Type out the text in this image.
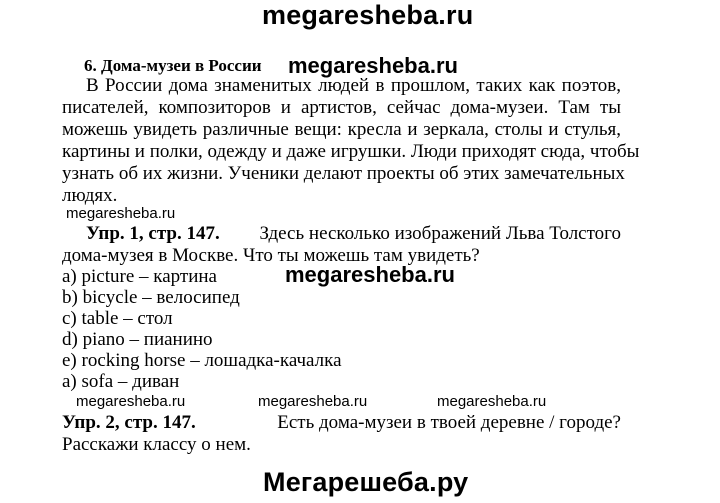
megaresheba.ru
6. Дома-музеи в России megaresheba.ru
В России дома знаменитых людей в прошлом, таких как поэтов,
писателей, композиторов и артистов, сейчас дома-музеи. Там ты
можешь увидеть различные вещи: кресла и зеркала, столы и стулья,
картины и полки, одежду и даже игрушки. Люди приходят сюда, чтобы
узнать об их жизни. Ученики делают проекты об этих замечательных
людях.
megaresheba.ru
Упр. 1, стр. 147. Здесь несколько изображений Льва Толстого
дома-музея в Москве. Что ты можешь там увидеть?
a) picture – картина
b) bicycle – велосипед
c) table – стол
d) piano – пианино
e) rocking horse – лошадка-качалка
a) sofa – диван
megaresheba.ru
megaresheba.ru	megaresheba.ru	megaresheba.ru
Упр. 2, стр. 147.	Есть дома-музеи в твоей деревне / городе?
Расскажи классу о нем.
Мегарешеба.ру
